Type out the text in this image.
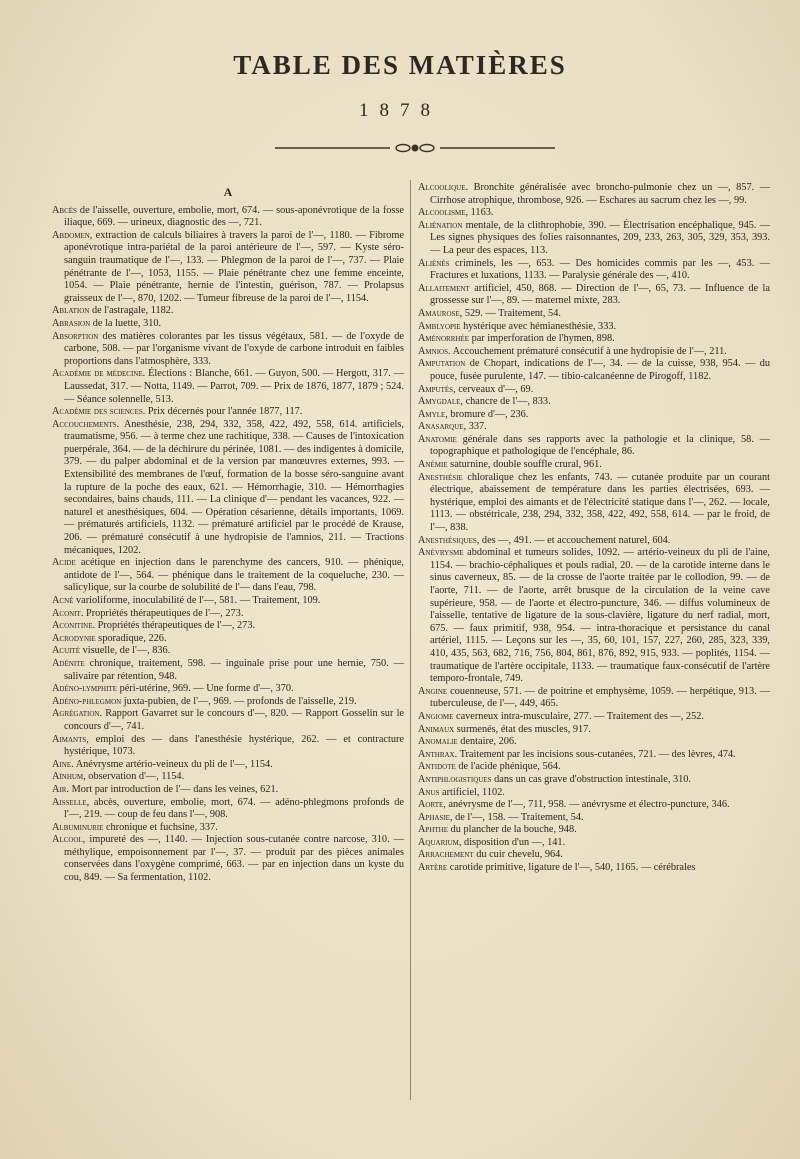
TABLE DES MATIÈRES
1878
A

Abcès de l'aisselle, ouverture, embolie, mort, 674. — sous-aponévrotique de la fosse iliaque, 669. — urineux, diagnostic des —, 721.

Abdomen, extraction de calculs biliaires à travers la paroi de l'—, 1180. — Fibrome aponévrotique intra-pariétal de la paroi antérieure de l'—, 597. — Kyste séro-sanguin traumatique de l'—, 133. — Phlegmon de la paroi de l'—, 737. — Plaie pénétrante de l'—, 1053, 1155. — Plaie pénétrante chez une femme enceinte, 1054. — Plaie pénétrante, hernie de l'intestin, guérison, 787. — Prolapsus graisseux de l'—, 870, 1202. — Tumeur fibreuse de la paroi de l'—, 1154.

Ablation de l'astragale, 1182.

Abrasion de la luette, 310.

Absorption des matières colorantes par les tissus végétaux, 581. — de l'oxyde de carbone, 508. — par l'organisme vivant de l'oxyde de carbone introduit en faibles proportions dans l'atmosphère, 333.

Académie de médecine. Élections : Blanche, 661. — Guyon, 500. — Hergott, 317. — Laussedat, 317. — Notta, 1149. — Parrot, 709. — Prix de 1876, 1877, 1879 ; 524. — Séance solennelle, 513.

Académie des sciences. Prix décernés pour l'année 1877, 117.

Accouchements. Anesthésie, 238, 294, 332, 358, 422, 492, 558, 614. artificiels, traumatisme, 956. — à terme chez une rachitique, 338. — Causes de l'intoxication puerpérale, 364. — de la déchirure du périnée, 1081. — des indigentes à domicile, 379. — du palper abdominal et de la version par manœuvres externes, 993. — Extensibilité des membranes de l'œuf, formation de la bosse séro-sanguine avant la rupture de la poche des eaux, 621. — Hémorrhagie, 310. — Hémorrhagies secondaires, bains chauds, 111. — La clinique d'— pendant les vacances, 922. — naturel et anesthésiques, 604. — Opération césarienne, détails importants, 1069. — prématurés artificiels, 1132. — prématuré artificiel par le procédé de Krause, 206. — prématuré consécutif à une hydropisie de l'amnios, 211. — Tractions mécaniques, 1202.

Acide acétique en injection dans le parenchyme des cancers, 910. — phénique, antidote de l'—, 564. — phénique dans le traitement de la coqueluche, 230. — salicylique, sur la courbe de solubilité de l'— dans l'eau, 798.

Acné varioliforme, inoculabilité de l'—, 581. — Traitement, 109.

Aconit. Propriétés thérapeutiques de l'—, 273.

Aconitine. Propriétés thérapeutiques de l'—, 273.

Acrodynie sporadique, 226.

Acuité visuelle, de l'—, 836.

Adénite chronique, traitement, 598. — inguinale prise pour une hernie, 750. — salivaire par rétention, 948.

Adéno-lymphite péri-utérine, 969. — Une forme d'—, 370.

Adéno-phlegmon juxta-pubien, de l'—, 969. — profonds de l'aisselle, 219.

Agrégation. Rapport Gavarret sur le concours d'—, 820. — Rapport Gosselin sur le concours d'—, 741.

Aimants, emploi des — dans l'anesthésie hystérique, 262. — et contracture hystérique, 1073.

Aine. Anévrysme artério-veineux du pli de l'—, 1154.

Aïnhum, observation d'—, 1154.

Air. Mort par introduction de l'— dans les veines, 621.

Aisselle, abcès, ouverture, embolie, mort, 674. — adéno-phlegmons profonds de l'—, 219. — coup de feu dans l'—, 908.

Albuminurie chronique et fuchsine, 337.

Alcool, impureté des —, 1140. — Injection sous-cutanée contre narcose, 310. — méthylique, empoisonnement par l'—, 37. — produit par des pièces animales conservées dans l'oxygène comprimé, 663. — par en injection dans un kyste du cou, 849. — Sa fermentation, 1102.

Alcoolique. Bronchite généralisée avec broncho-pulmonie chez un —, 857. — Cirrhose atrophique, thrombose, 926. — Eschares au sacrum chez les —, 99.

Alcoolisme, 1163.

Aliénation mentale, de la clithrophobie, 390. — Électrisation encéphalique, 945. — Les signes physiques des folies raisonnantes, 209, 233, 263, 305, 329, 353, 393. — La peur des espaces, 113.

Aliénés criminels, les —, 653. — Des homicides commis par les —, 453. — Fractures et luxations, 1133. — Paralysie générale des —, 410.

Allaitement artificiel, 450, 868. — Direction de l'—, 65, 73. — Influence de la grossesse sur l'—, 89. — maternel mixte, 283.

Amaurose, 529. — Traitement, 54.

Amblyopie hystérique avec hémianesthésie, 333.

Aménorrhée par imperforation de l'hymen, 898.

Amnios. Accouchement prématuré consécutif à une hydropisie de l'—, 211.

Amputation de Chopart, indications de l'—, 34. — de la cuisse, 938, 954. — du pouce, fusée purulente, 147. — tibio-calcanéenne de Pirogoff, 1182.

Amputés, cerveaux d'—, 69.

Amygdale, chancre de l'—, 833.

Amyle, bromure d'—, 236.

Anasarque, 337.

Anatomie générale dans ses rapports avec la pathologie et la clinique, 58. — topographique et pathologique de l'encéphale, 86.

Anémie saturnine, double souffle crural, 961.

Anesthésie chloralique chez les enfants, 743. — cutanée produite par un courant électrique, abaissement de température dans les parties électrisées, 693. — hystérique, emploi des aimants et de l'électricité statique dans l'—, 262. — locale, 1113. — obstétricale, 238, 294, 332, 358, 422, 492, 558, 614. — par le froid, de l'—, 838.

Anesthésiques, des —, 491. — et accouchement naturel, 604.

Anévrysme abdominal et tumeurs solides, 1092. — artério-veineux du pli de l'aine, 1154. — brachio-céphaliques et pouls radial, 20. — de la carotide interne dans le sinus caverneux, 85. — de la crosse de l'aorte traitée par le collodion, 99. — de l'aorte, 711. — de l'aorte, arrêt brusque de la circulation de la veine cave supérieure, 958. — de l'aorte et électro-puncture, 346. — diffus volumineux de l'aisselle, tentative de ligature de la sous-clavière, ligature du nerf radial, mort, 675. — faux primitif, 938, 954. — intra-thoracique et persistance du canal artériel, 1115. — Leçons sur les —, 35, 60, 101, 157, 227, 260, 285, 323, 339, 410, 435, 563, 682, 716, 756, 804, 861, 876, 892, 915, 933. — poplités, 1154. — traumatique de l'artère occipitale, 1133. — traumatique faux-consécutif de l'artère temporo-frontale, 749.

Angine couenneuse, 571. — de poitrine et emphysème, 1059. — herpétique, 913. — tuberculeuse, de l'—, 449, 465.

Angiome caverneux intra-musculaire, 277. — Traitement des —, 252.

Animaux surmenés, état des muscles, 917.

Anomalie dentaire, 206.

Anthrax. Traitement par les incisions sous-cutanées, 721. — des lèvres, 474.

Antidote de l'acide phénique, 564.

Antiphlogistiques dans un cas grave d'obstruction intestinale, 310.

Anus artificiel, 1102.

Aorte, anévrysme de l'—, 711, 958. — anévrysme et électro-puncture, 346.

Aphasie, de l'—, 158. — Traitement, 54.

Aphthe du plancher de la bouche, 948.

Aquarium, disposition d'un —, 141.

Arrachement du cuir chevelu, 964.

Artère carotide primitive, ligature de l'—, 540, 1165. — cérébrales
